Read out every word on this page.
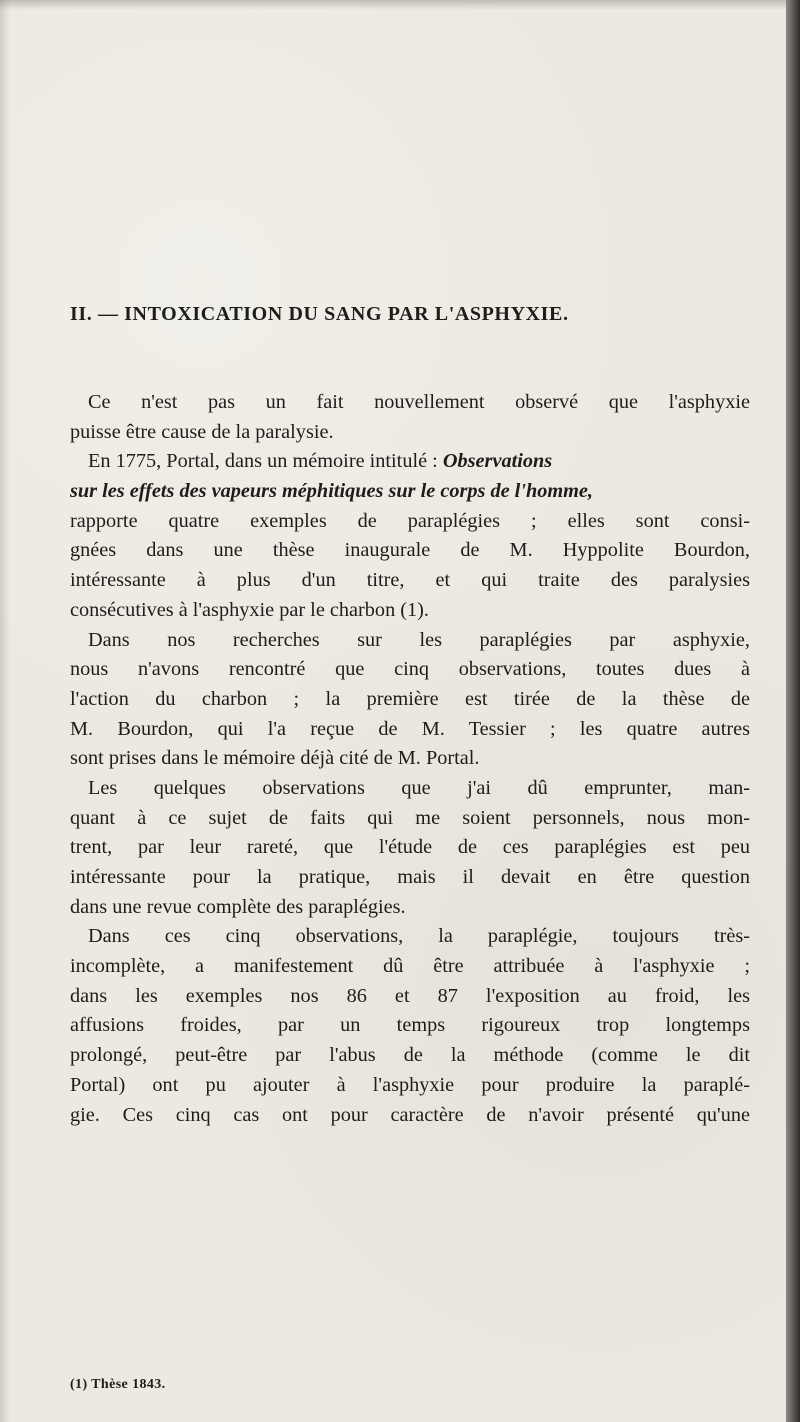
II. — INTOXICATION DU SANG PAR L'ASPHYXIE.
Ce n'est pas un fait nouvellement observé que l'asphyxie
puisse être cause de la paralysie.
En 1775, Portal, dans un mémoire intitulé : Observations
sur les effets des vapeurs méphitiques sur le corps de l'homme,
rapporte quatre exemples de paraplégies ; elles sont consi-
gnées dans une thèse inaugurale de M. Hyppolite Bourdon,
intéressante à plus d'un titre, et qui traite des paralysies
consécutives à l'asphyxie par le charbon (1).
Dans nos recherches sur les paraplégies par asphyxie,
nous n'avons rencontré que cinq observations, toutes dues à
l'action du charbon ; la première est tirée de la thèse de
M. Bourdon, qui l'a reçue de M. Tessier ; les quatre autres
sont prises dans le mémoire déjà cité de M. Portal.
Les quelques observations que j'ai dû emprunter, man-
quant à ce sujet de faits qui me soient personnels, nous mon-
trent, par leur rareté, que l'étude de ces paraplégies est peu
intéressante pour la pratique, mais il devait en être question
dans une revue complète des paraplégies.
Dans ces cinq observations, la paraplégie, toujours très-
incomplète, a manifestement dû être attribuée à l'asphyxie ;
dans les exemples nos 86 et 87 l'exposition au froid, les
affusions froides, par un temps rigoureux trop longtemps
prolongé, peut-être par l'abus de la méthode (comme le dit
Portal) ont pu ajouter à l'asphyxie pour produire la paraplé-
gie. Ces cinq cas ont pour caractère de n'avoir présenté qu'une
(1) Thèse 1843.
